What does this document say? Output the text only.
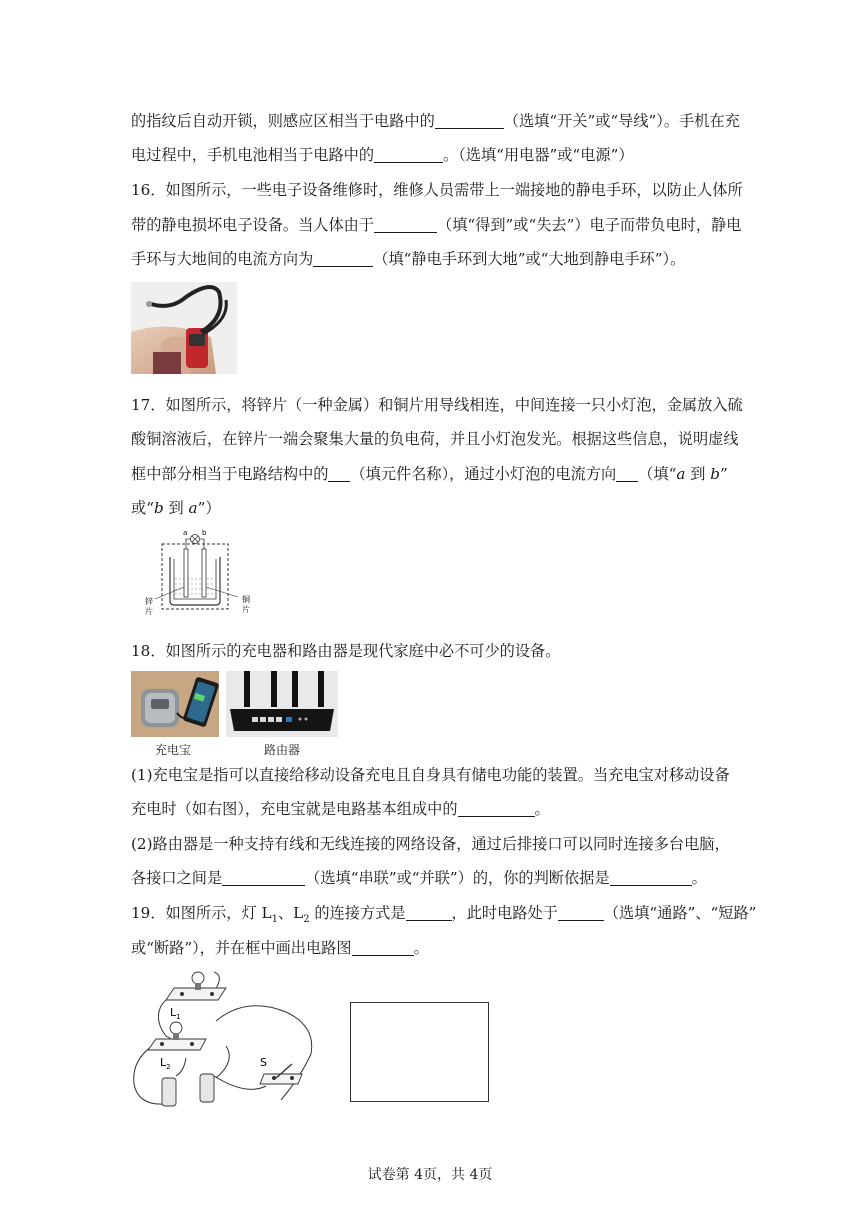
的指纹后自动开锁，则感应区相当于电路中的	（选填“开关”或“导线”）。手机在充
电过程中，手机电池相当于电路中的	。（选填“用电器”或“电源”）
16．如图所示，一些电子设备维修时，维修人员需带上一端接地的静电手环，以防止人体所
带的静电损坏电子设备。当人体由于	（填“得到”或“失去”）电子而带负电时，静电
手环与大地间的电流方向为	（填“静电手环到大地”或“大地到静电手环”）。
17．如图所示，将锌片（一种金属）和铜片用导线相连，中间连接一只小灯泡，金属放入硫
酸铜溶液后，在锌片一端会聚集大量的负电荷，并且小灯泡发光。根据这些信息，说明虚线
框中部分相当于电路结构中的 （填元件名称），通过小灯泡的电流方向 （填“a 到 b”
或“b 到 a”）
a b
锌
片
铜
片
18．如图所示的充电器和路由器是现代家庭中必不可少的设备。
充电宝	路由器
(1)充电宝是指可以直接给移动设备充电且自身具有储电功能的装置。当充电宝对移动设备
充电时（如右图），充电宝就是电路基本组成中的	。
(2)路由器是一种支持有线和无线连接的网络设备，通过后排接口可以同时连接多台电脑，
各接口之间是	（选填“串联”或“并联”）的，你的判断依据是	。
19．如图所示，灯 $L_1$、$L_2$ 的连接方式是	，此时电路处于	（选填“通路”、“短路”
或“断路”），并在框中画出电路图	。
$L_1$
$L_2$	S
试卷第 4页，共 4页
